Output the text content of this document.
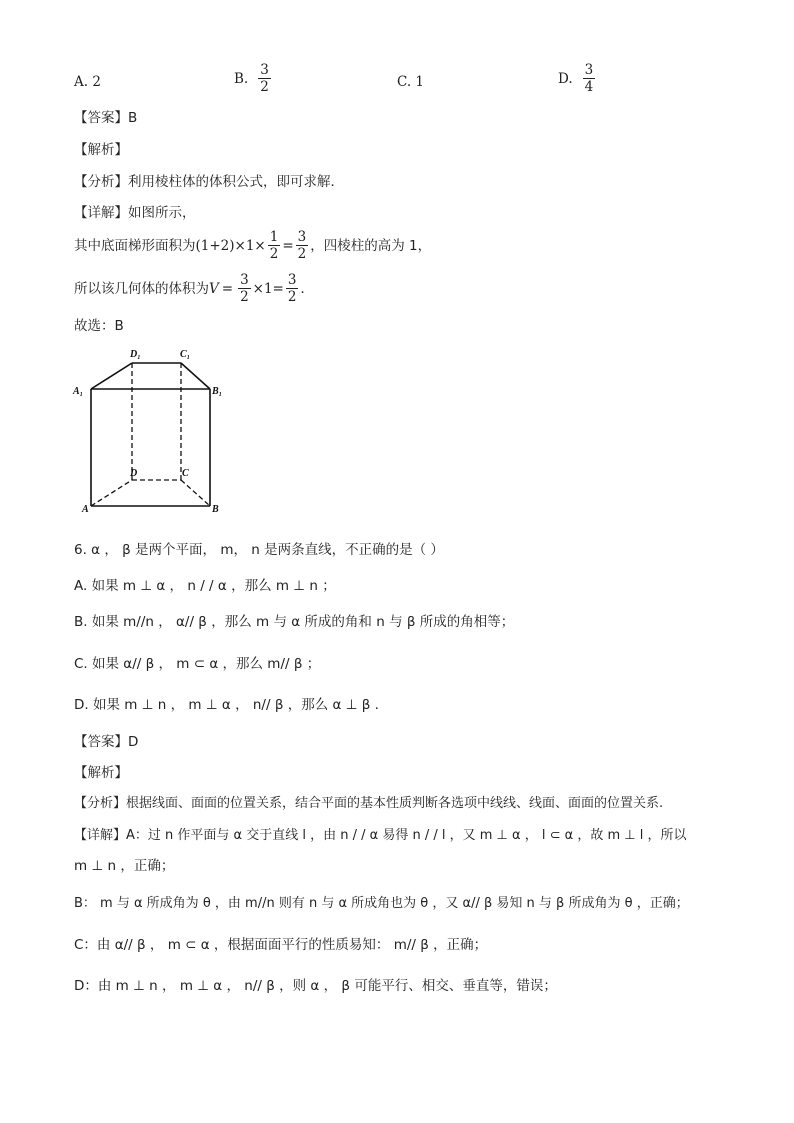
A. 2	B. $\frac{3}{2}$	C. 1	D. $\frac{3}{4}$
【答案】B
【解析】
【分析】利用棱柱体的体积公式，即可求解．
【详解】如图所示，
其中底面梯形面积为 $(1+2)\times 1\times \frac{1}{2} = \frac{3}{2}$ ，四棱柱的高为 1，
所以该几何体的体积为 $V = \frac{3}{2} \times 1= \frac{3}{2}$ ．
故选：B
D₁	C₁
A₁	B₁
D	C
A	B
6. α ， β 是两个平面， m， n 是两条直线，不正确的是（ ）
A. 如果 m ⊥ α ， n / / α ，那么 m ⊥ n ；
B. 如果 m//n ， α// β ，那么 m 与 α 所成的角和 n 与 β 所成的角相等；
C. 如果 α// β ， m ⊂ α ，那么 m// β ；
D. 如果 m ⊥ n ， m ⊥ α ， n// β ，那么 α ⊥ β .
【答案】D
【解析】
【分析】根据线面、面面的位置关系，结合平面的基本性质判断各选项中线线、线面、面面的位置关系.
【详解】A：过 n 作平面与 α 交于直线 l ，由 n / / α 易得 n / / l ，又 m ⊥ α ， l ⊂ α ，故 m ⊥ l ，所以
m ⊥ n ，正确；
B： m 与 α 所成角为 θ ，由 m//n 则有 n 与 α 所成角也为 θ ，又 α// β 易知 n 与 β 所成角为 θ ，正确；
C：由 α// β ， m ⊂ α ，根据面面平行的性质易知： m// β ，正确；
D：由 m ⊥ n ， m ⊥ α ， n// β ，则 α ， β 可能平行、相交、垂直等，错误；
